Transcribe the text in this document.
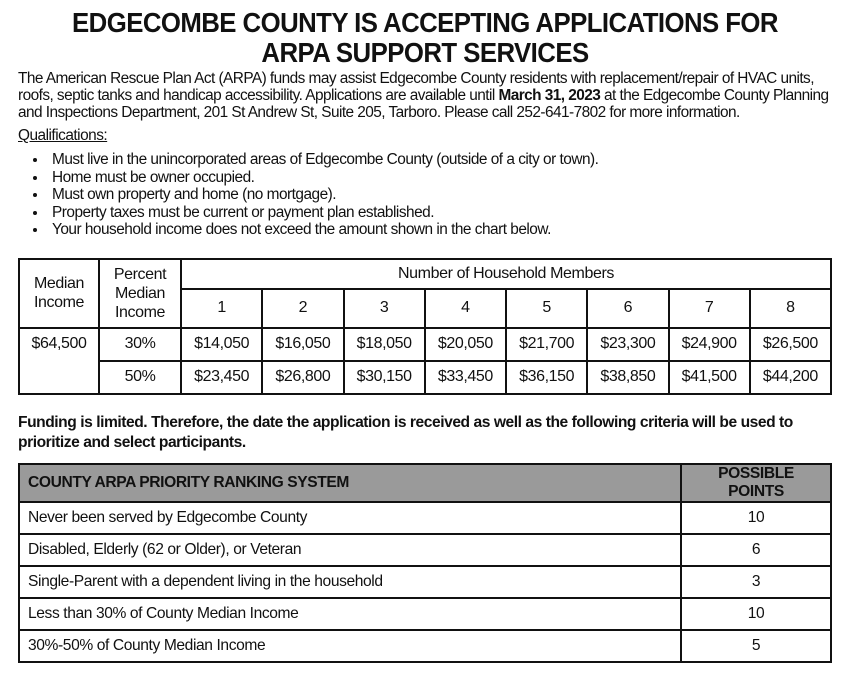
EDGECOMBE COUNTY IS ACCEPTING APPLICATIONS FOR
ARPA SUPPORT SERVICES
The American Rescue Plan Act (ARPA) funds may assist Edgecombe County residents with replacement/repair of HVAC units, roofs, septic tanks and handicap accessibility. Applications are available until March 31, 2023 at the Edgecombe County Planning and Inspections Department, 201 St Andrew St, Suite 205, Tarboro. Please call 252-641-7802 for more information.
Qualifications:
• Must live in the unincorporated areas of Edgecombe County (outside of a city or town).
• Home must be owner occupied.
• Must own property and home (no mortgage).
• Property taxes must be current or payment plan established.
• Your household income does not exceed the amount shown in the chart below.
Median Income	Percent Median Income	Number of Household Members							
		1	2	3	4	5	6	7	8
$64,500	30%	$14,050	$16,050	$18,050	$20,050	$21,700	$23,300	$24,900	$26,500
	50%	$23,450	$26,800	$30,150	$33,450	$36,150	$38,850	$41,500	$44,200
Funding is limited. Therefore, the date the application is received as well as the following criteria will be used to prioritize and select participants.
COUNTY ARPA PRIORITY RANKING SYSTEM	POSSIBLE POINTS
Never been served by Edgecombe County	10
Disabled, Elderly (62 or Older), or Veteran	6
Single-Parent with a dependent living in the household	3
Less than 30% of County Median Income	10
30%-50% of County Median Income	5
